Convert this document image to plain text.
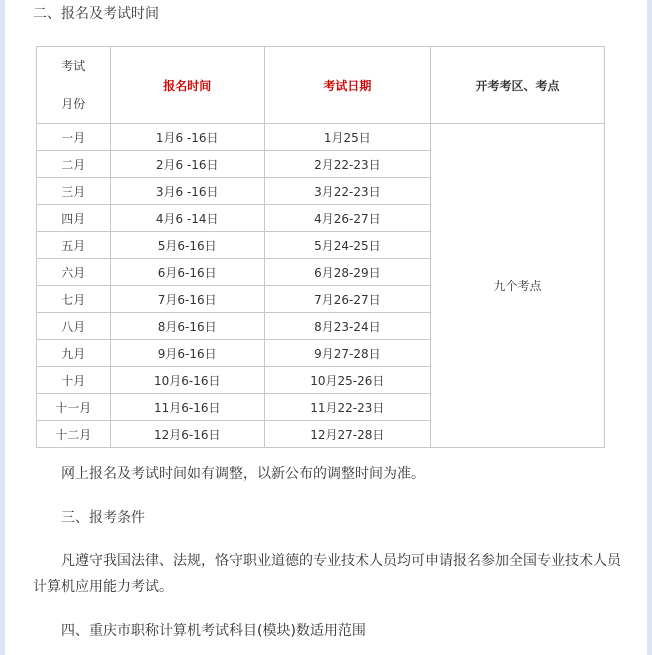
二、报名及考试时间
考试
月份	报名时间	考试日期	开考考区、考点
一月	1月6 -16日	1月25日	九个考点
二月	2月6 -16日	2月22-23日	
三月	3月6 -16日	3月22-23日	
四月	4月6 -14日	4月26-27日	
五月	5月6-16日	5月24-25日	
六月	6月6-16日	6月28-29日	
七月	7月6-16日	7月26-27日	
八月	8月6-16日	8月23-24日	
九月	9月6-16日	9月27-28日	
十月	10月6-16日	10月25-26日	
十一月	11月6-16日	11月22-23日	
十二月	12月6-16日	12月27-28日	
网上报名及考试时间如有调整，以新公布的调整时间为准。
三、报考条件
凡遵守我国法律、法规，恪守职业道德的专业技术人员均可申请报名参加全国专业技术人员计算机应用能力考试。
四、重庆市职称计算机考试科目(模块)数适用范围
